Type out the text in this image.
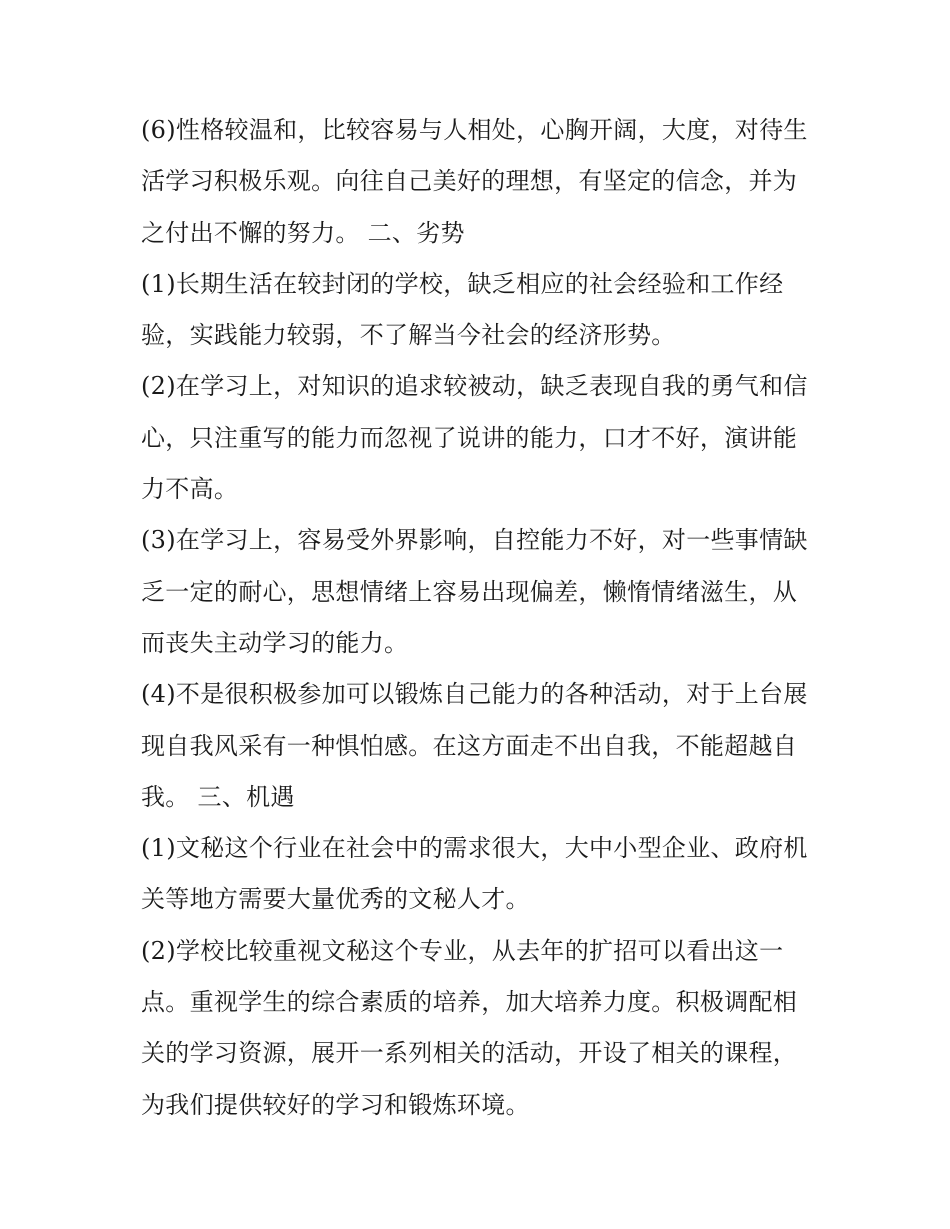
(6)性格较温和，比较容易与人相处，心胸开阔，大度，对待生活学习积极乐观。向往自己美好的理想，有坚定的信念，并为之付出不懈的努力。 二、劣势

(1)长期生活在较封闭的学校，缺乏相应的社会经验和工作经验，实践能力较弱，不了解当今社会的经济形势。

(2)在学习上，对知识的追求较被动，缺乏表现自我的勇气和信心，只注重写的能力而忽视了说讲的能力，口才不好，演讲能力不高。

(3)在学习上，容易受外界影响，自控能力不好，对一些事情缺乏一定的耐心，思想情绪上容易出现偏差，懒惰情绪滋生，从而丧失主动学习的能力。

(4)不是很积极参加可以锻炼自己能力的各种活动，对于上台展现自我风采有一种惧怕感。在这方面走不出自我，不能超越自我。 三、机遇

(1)文秘这个行业在社会中的需求很大，大中小型企业、政府机关等地方需要大量优秀的文秘人才。

(2)学校比较重视文秘这个专业，从去年的扩招可以看出这一点。重视学生的综合素质的培养，加大培养力度。积极调配相关的学习资源，展开一系列相关的活动，开设了相关的课程，为我们提供较好的学习和锻炼环境。
